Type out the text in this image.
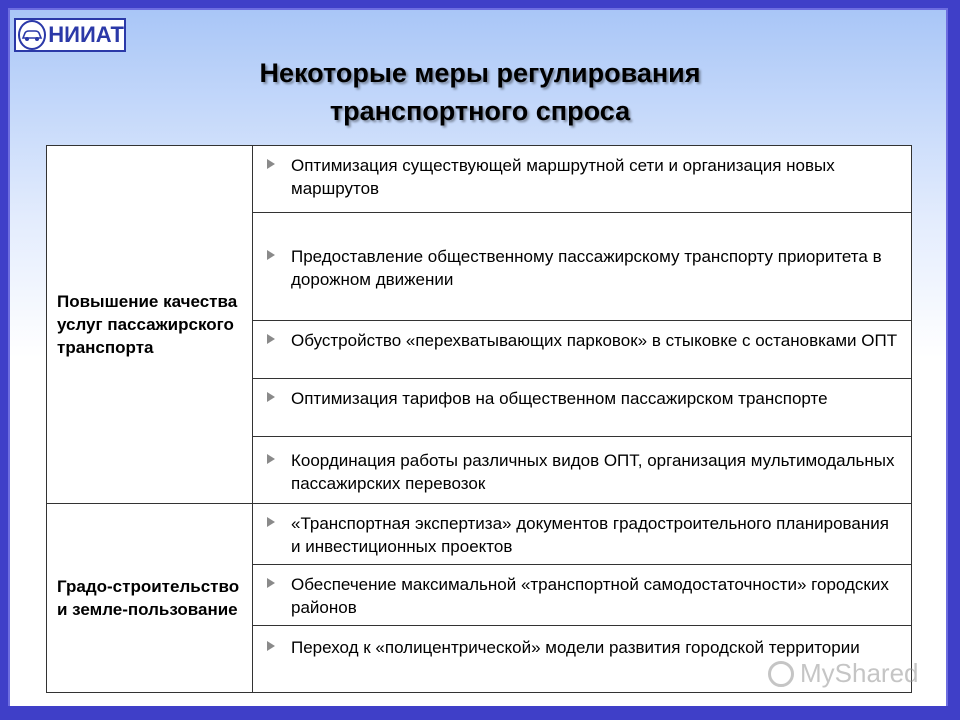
НИИАТ
Некоторые меры регулирования
транспортного спроса
Повышение качества услуг пассажирского транспорта	Оптимизация существующей маршрутной сети и организация новых маршрутов

Предоставление общественному пассажирскому транспорту приоритета в дорожном движении

Обустройство «перехватывающих парковок» в стыковке с остановками ОПТ

Оптимизация тарифов на общественном пассажирском транспорте

Координация работы различных видов ОПТ, организация мультимодальных пассажирских перевозок
Градо-строительство и земле-пользование	«Транспортная экспертиза» документов градостроительного планирования и инвестиционных проектов

Обеспечение максимальной «транспортной самодостаточности» городских районов

Переход к «полицентрической» модели развития городской территории
MyShared
